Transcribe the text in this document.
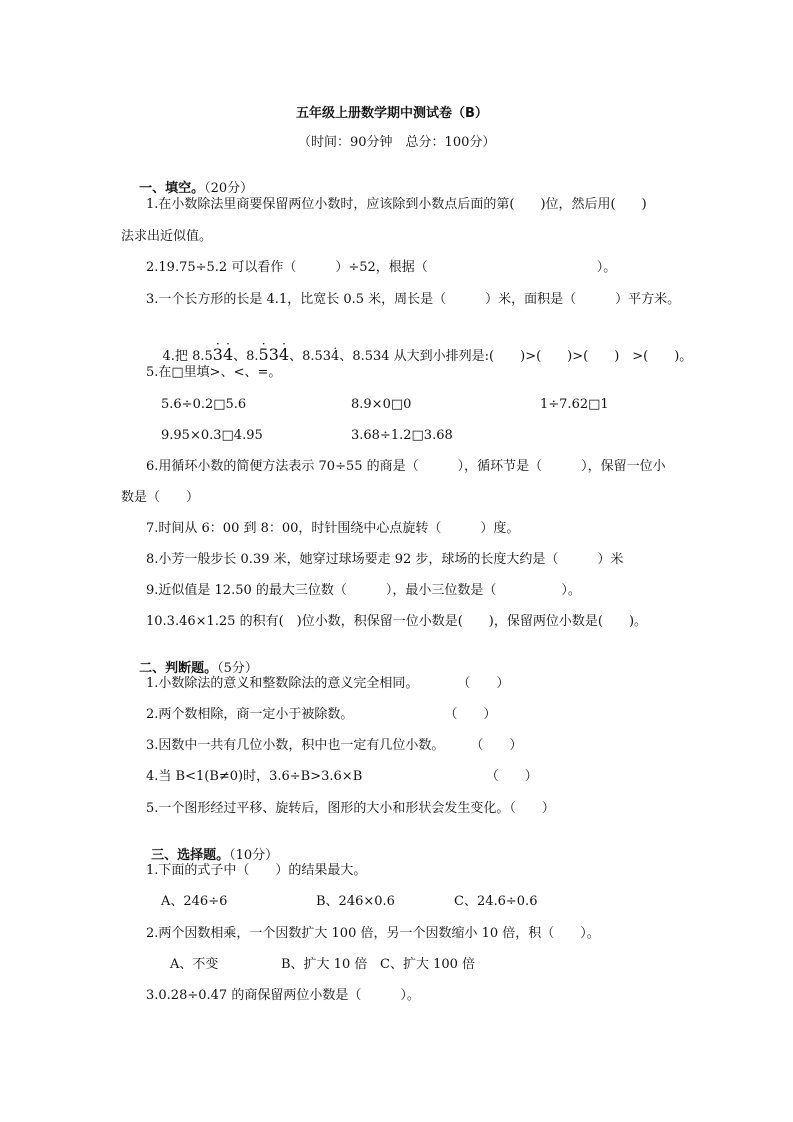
五年级上册数学期中测试卷（B）
（时间：90分钟　总分：100分）

一、填空。（20分）

1.在小数除法里商要保留两位小数时，应该除到小数点后面的第(　　)位，然后用(　　)
法求出近似值。
2.19.75÷5.2 可以看作（　　　）÷52，根据（　　　　　　　　　　　　　）。
3.一个长方形的长是 4.1，比宽长 0.5 米，周长是（　　　）米，面积是（　　　）平方米。

4.把 8.5· 3· 4、8.· 53· 4、8.53· 4、8.534 从大到小排列是:(　　)>(　　)>(　　)　>(　　)。

5.在□里填>、<、=。
5.6÷0.2□5.6	8.9×0□0	1÷7.62□1
9.95×0.3□4.95	3.68÷1.2□3.68
6.用循环小数的简便方法表示 70÷55 的商是（　　　），循环节是（　　　），保留一位小
数是（　　）
7.时间从 6：00 到 8：00，时针围绕中心点旋转（　　　）度。
8.小芳一般步长 0.39 米，她穿过球场要走 92 步，球场的长度大约是（　　　）米
9.近似值是 12.50 的最大三位数（　　　），最小三位数是（　　　　　）。
10.3.46×1.25 的积有(　)位小数，积保留一位小数是(　　)，保留两位小数是(　　)。

二、判断题。（5分）

1.小数除法的意义和整数除法的意义完全相同。　　　　（　　）
2.两个数相除，商一定小于被除数。　　　　　　　　（　　）
3.因数中一共有几位小数，积中也一定有几位小数。　　　（　　）
4.当 B<1(B≠0)时，3.6÷B>3.6×B　　　　　　　　　　（　　）
5.一个图形经过平移、旋转后，图形的大小和形状会发生变化。（　　）

三、选择题。（10分）

1.下面的式子中（　　）的结果最大。
A、246÷6	B、246×0.6	C、24.6÷0.6
2.两个因数相乘，一个因数扩大 100 倍，另一个因数缩小 10 倍，积（　　）。
A、不变	B、扩大 10 倍 C、扩大 100 倍
3.0.28÷0.47 的商保留两位小数是（　　　）。
